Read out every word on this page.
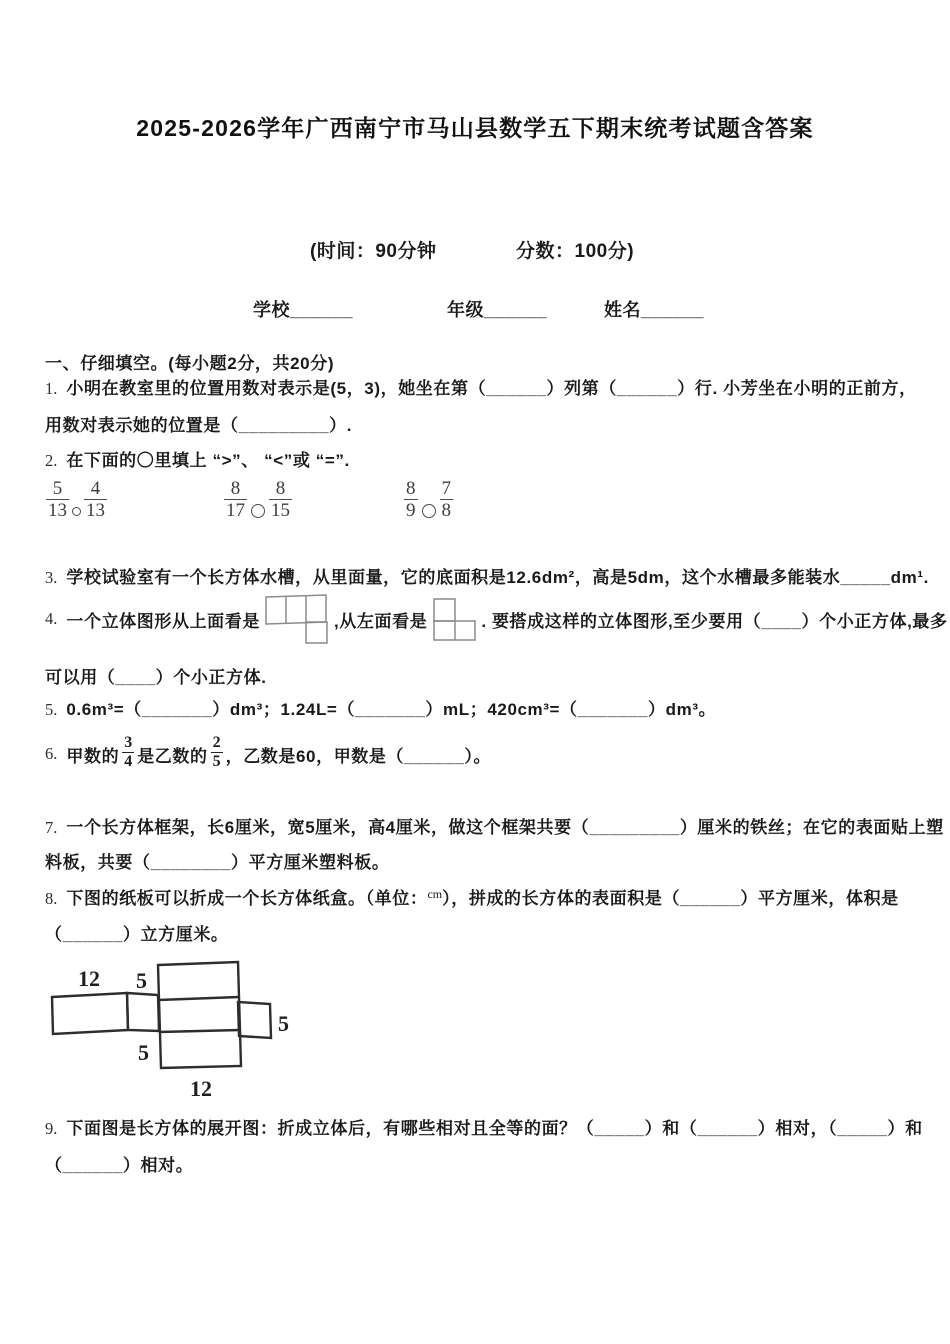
2025-2026学年广西南宁市马山县数学五下期末统考试题含答案
(时间：90分钟	分数：100分)
学校______	年级______	姓名______
一、仔细填空。(每小题2分，共20分)
1. 小明在教室里的位置用数对表示是(5，3)，她坐在第（______）列第（______）行. 小芳坐在小明的正前方，
用数对表示她的位置是（_________）.
2. 在下面的〇里填上 “>”、 “<”或 “=”.
$\frac{5}{13} \frac{4}{13}$	$\frac{8}{17} \frac{8}{15}$	$\frac{8}{9} \frac{7}{8}$
3. 学校试验室有一个长方体水槽，从里面量，它的底面积是12.6dm²，高是5dm，这个水槽最多能装水_____dm¹.
4. 一个立体图形从上面看是	,从左面看是	. 要搭成这样的立体图形,至少要用（____）个小正方体,最多
可以用（____）个小正方体.
5. 0.6m³=（_______）dm³；1.24L=（_______）mL；420cm³=（_______）dm³。
6. 甲数的 $\frac{3}{4}$ 是乙数的 $\frac{2}{5}$ ，乙数是60，甲数是（______）。
7. 一个长方体框架，长6厘米，宽5厘米，高4厘米，做这个框架共要（_________）厘米的铁丝；在它的表面贴上塑
料板，共要（________）平方厘米塑料板。
8. 下图的纸板可以折成一个长方体纸盒。（单位：$^{cm}$），拼成的长方体的表面积是（______）平方厘米，体积是
（______）立方厘米。
12 5
5
5
12
9. 下面图是长方体的展开图：折成立体后，有哪些相对且全等的面？（_____）和（______）相对，（_____）和
（______）相对。
